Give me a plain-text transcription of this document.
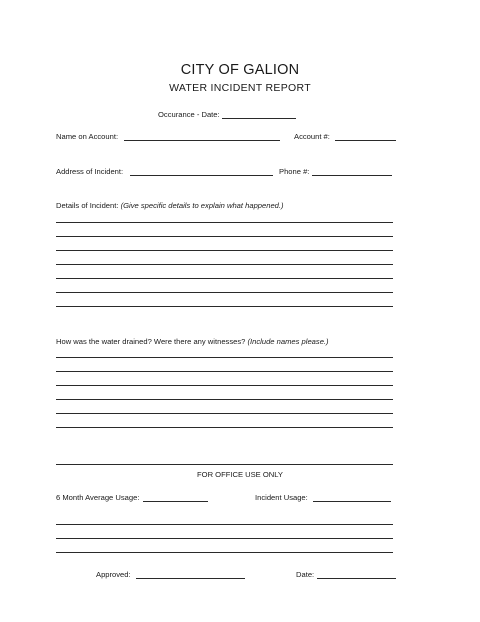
CITY OF GALION
WATER INCIDENT REPORT
Occurance - Date:
Name on Account:	Account #:
Address of Incident:	Phone #:
Details of Incident: (Give specific details to explain what happened.)
How was the water drained? Were there any witnesses? (Include names please.)
FOR OFFICE USE ONLY
6 Month Average Usage:	Incident Usage:
Approved:	Date:
